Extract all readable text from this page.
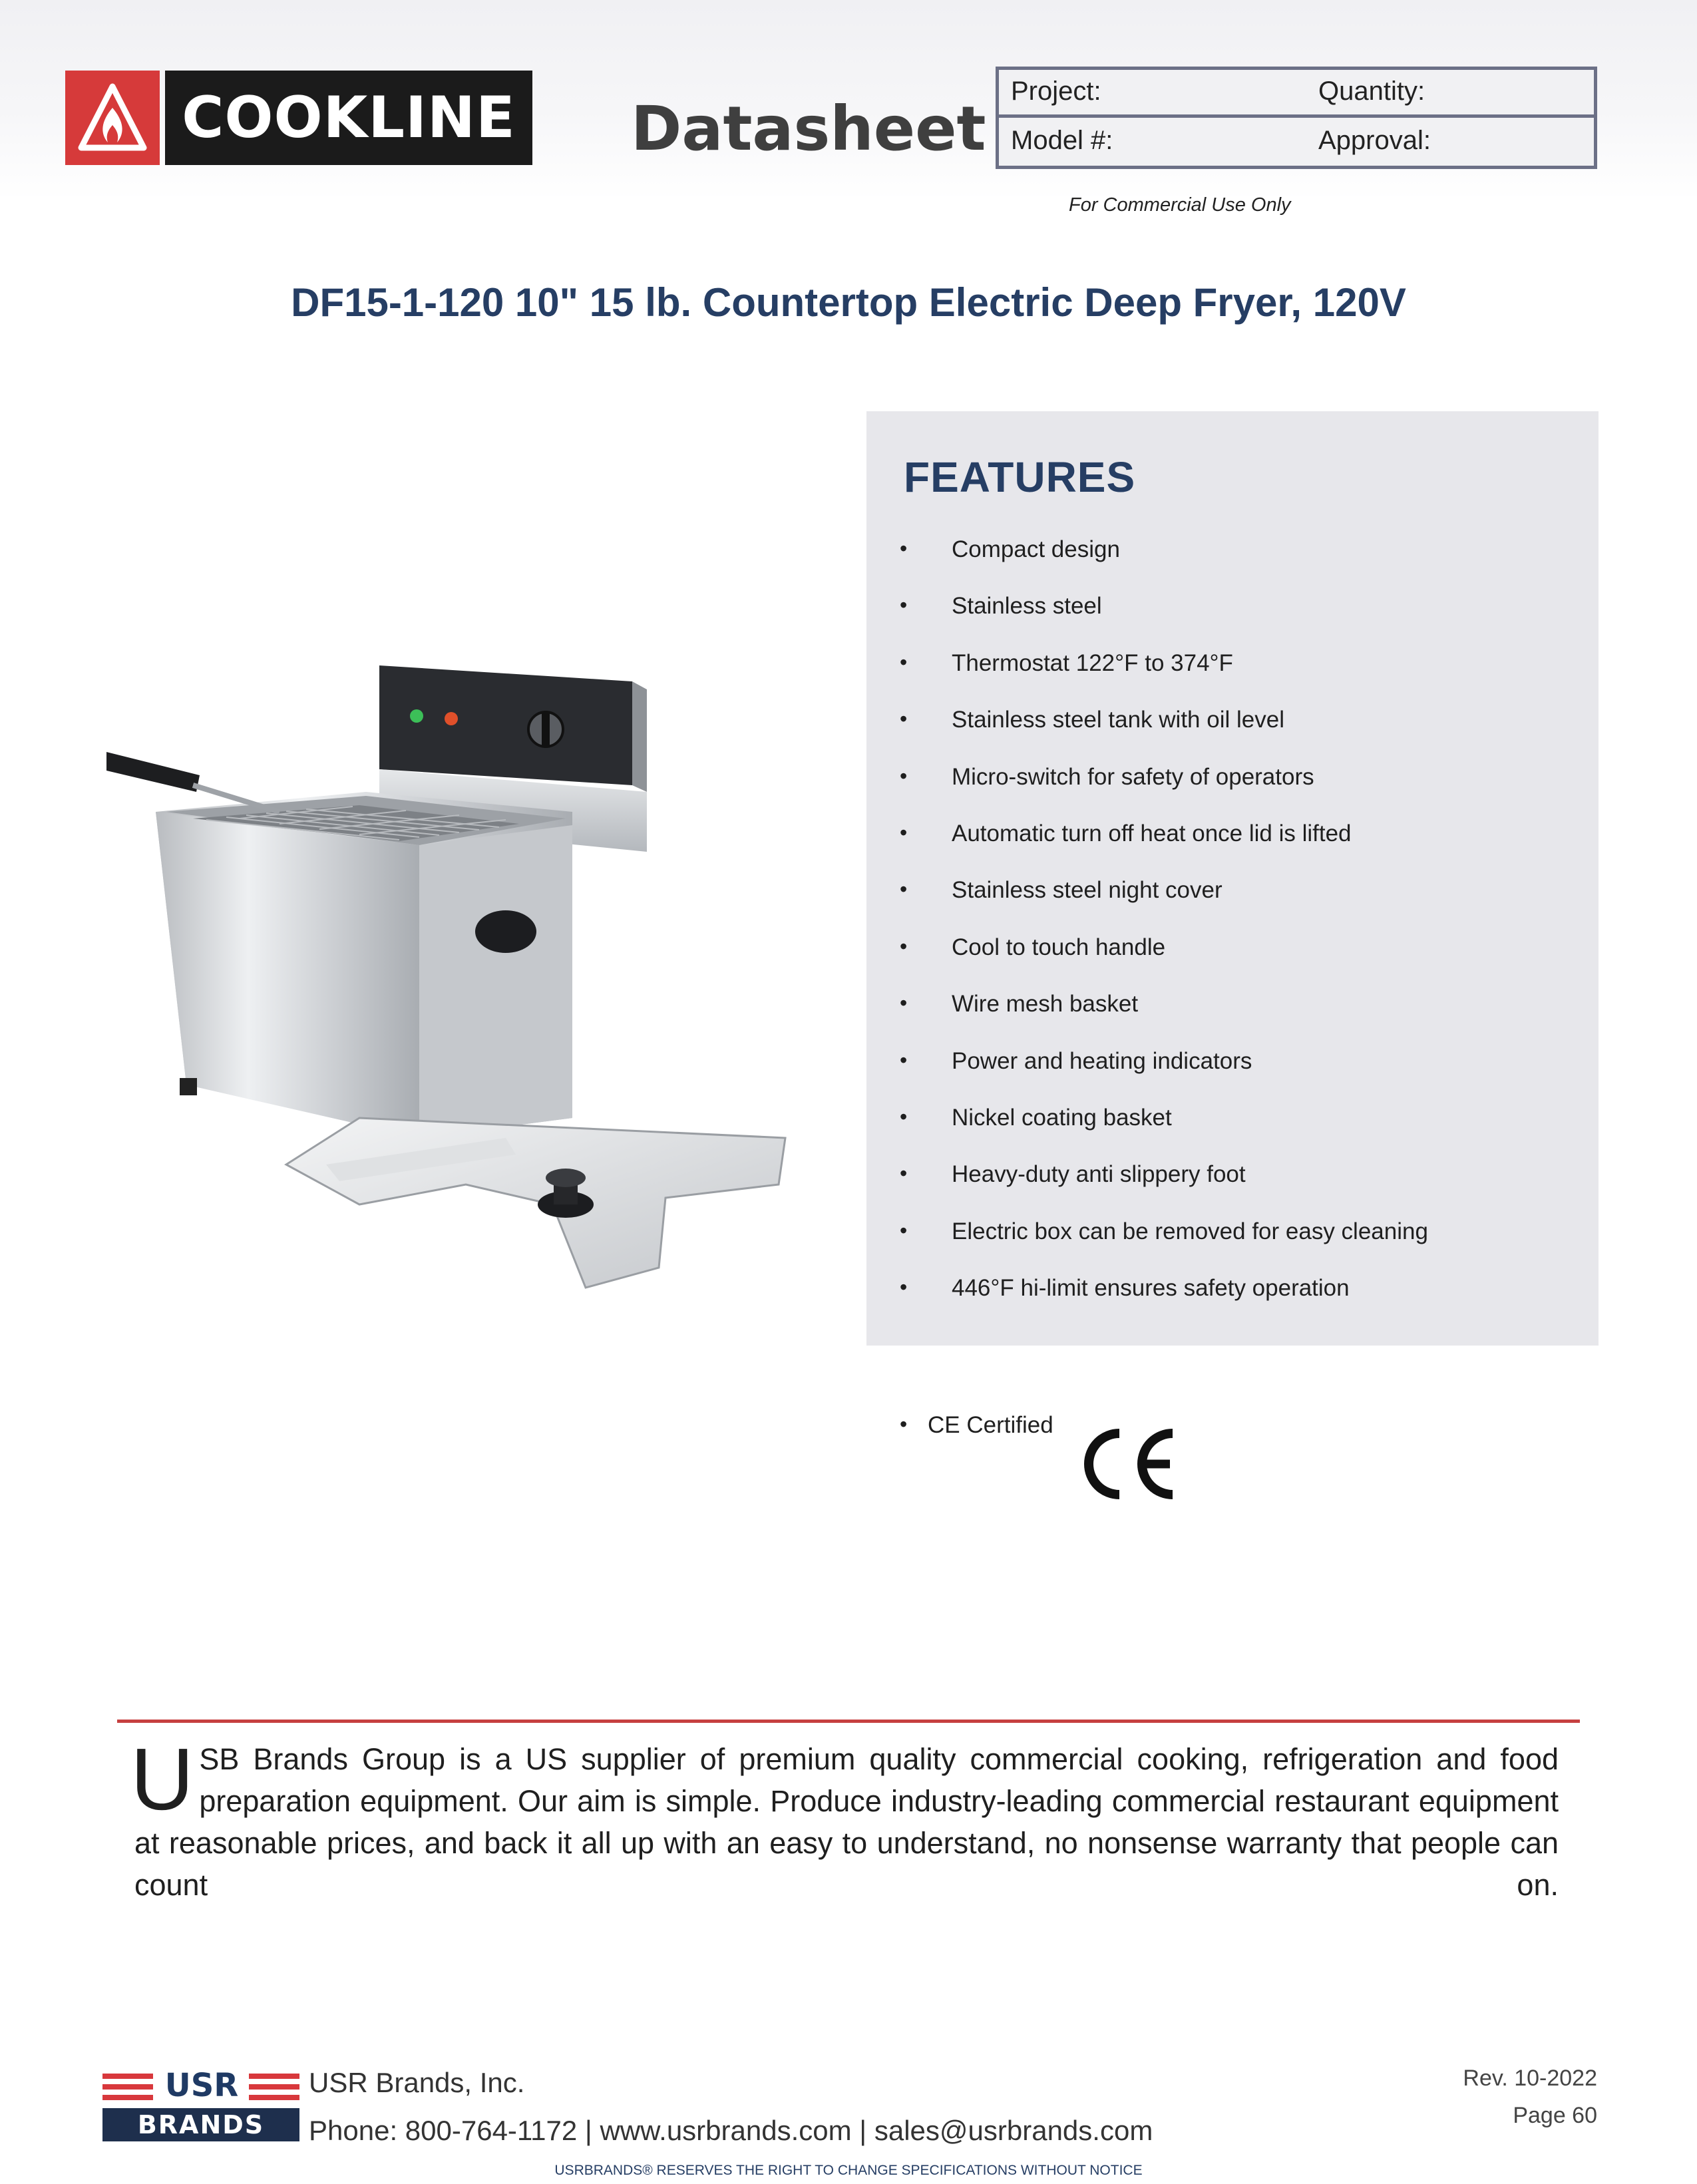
COOKLINE Datasheet
Project:	Quantity:
Model #:	Approval:
For Commercial Use Only
DF15-1-120 10" 15 lb. Countertop Electric Deep Fryer, 120V
FEATURES
• Compact design
• Stainless steel
• Thermostat 122°F to 374°F
• Stainless steel tank with oil level
• Micro-switch for safety of operators
• Automatic turn off heat once lid is lifted
• Stainless steel night cover
• Cool to touch handle
• Wire mesh basket
• Power and heating indicators
• Nickel coating basket
• Heavy-duty anti slippery foot
• Electric box can be removed for easy cleaning
• 446°F hi-limit ensures safety operation
• CE Certified

USB Brands Group is a US supplier of premium quality commercial cooking, refrigeration and food preparation equipment. Our aim is simple. Produce industry-leading commercial restaurant equipment at reasonable prices, and back it all up with an easy to understand, no nonsense warranty that people can count on.

USR
BRANDS
USR Brands, Inc.
Phone: 800-764-1172 | www.usrbrands.com | sales@usrbrands.com
Rev. 10-2022
Page 60
USRBRANDS® RESERVES THE RIGHT TO CHANGE SPECIFICATIONS WITHOUT NOTICE
